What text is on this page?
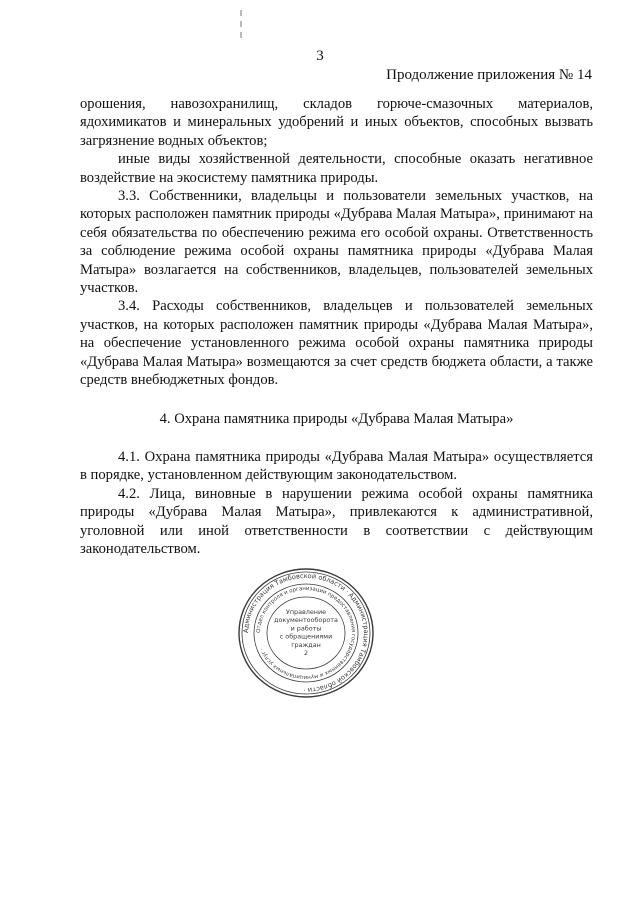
3
Продолжение приложения № 14

орошения, навозохранилищ, складов горюче-смазочных материалов, ядохимикатов и минеральных удобрений и иных объектов, способных вызвать загрязнение водных объектов;

иные виды хозяйственной деятельности, способные оказать негативное воздействие на экосистему памятника природы.

3.3. Собственники, владельцы и пользователи земельных участков, на которых расположен памятник природы «Дубрава Малая Матыра», принимают на себя обязательства по обеспечению режима его особой охраны. Ответственность за соблюдение режима особой охраны памятника природы «Дубрава Малая Матыра» возлагается на собственников, владельцев, пользователей земельных участков.

3.4. Расходы собственников, владельцев и пользователей земельных участков, на которых расположен памятник природы «Дубрава Малая Матыра», на обеспечение установленного режима особой охраны памятника природы «Дубрава Малая Матыра» возмещаются за счет средств бюджета области, а также средств внебюджетных фондов.

4. Охрана памятника природы «Дубрава Малая Матыра»

4.1. Охрана памятника природы «Дубрава Малая Матыра» осуществляется в порядке, установленном действующим законодательством.

4.2. Лица, виновные в нарушении режима особой охраны памятника природы «Дубрава Малая Матыра», привлекаются к административной, уголовной или иной ответственности в соответствии с действующим законодательством.

Администрация Тамбовской области · Администрация Тамбовской области ·
Отдел контроля и организации предоставления государственных и муниципальных услуг ·
Управление
документооборота
и работы
с обращениями
граждан
2
